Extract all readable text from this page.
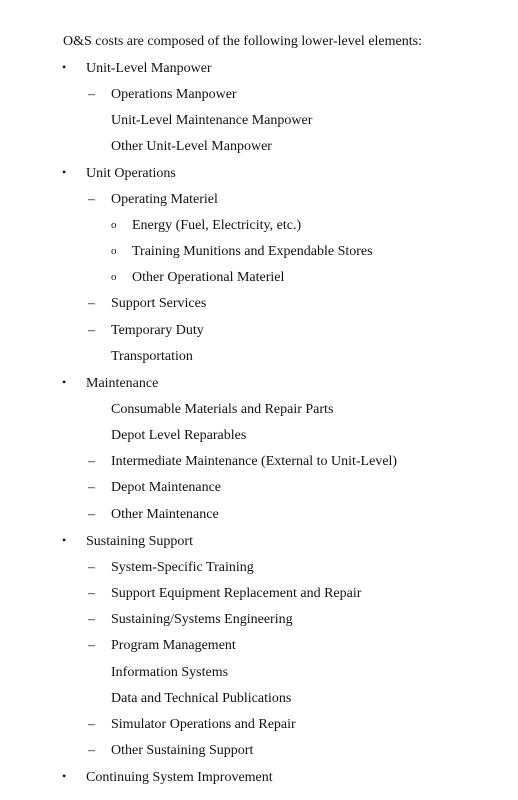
O&S costs are composed of the following lower-level elements:
• Unit-Level Manpower
– Operations Manpower
Unit-Level Maintenance Manpower
Other Unit-Level Manpower
• Unit Operations
– Operating Materiel
o Energy (Fuel, Electricity, etc.)
o Training Munitions and Expendable Stores
o Other Operational Materiel
– Support Services
– Temporary Duty
Transportation
• Maintenance
Consumable Materials and Repair Parts
Depot Level Reparables
– Intermediate Maintenance (External to Unit-Level)
– Depot Maintenance
– Other Maintenance
• Sustaining Support
– System-Specific Training
– Support Equipment Replacement and Repair
– Sustaining/Systems Engineering
– Program Management
Information Systems
Data and Technical Publications
– Simulator Operations and Repair
– Other Sustaining Support
• Continuing System Improvement
